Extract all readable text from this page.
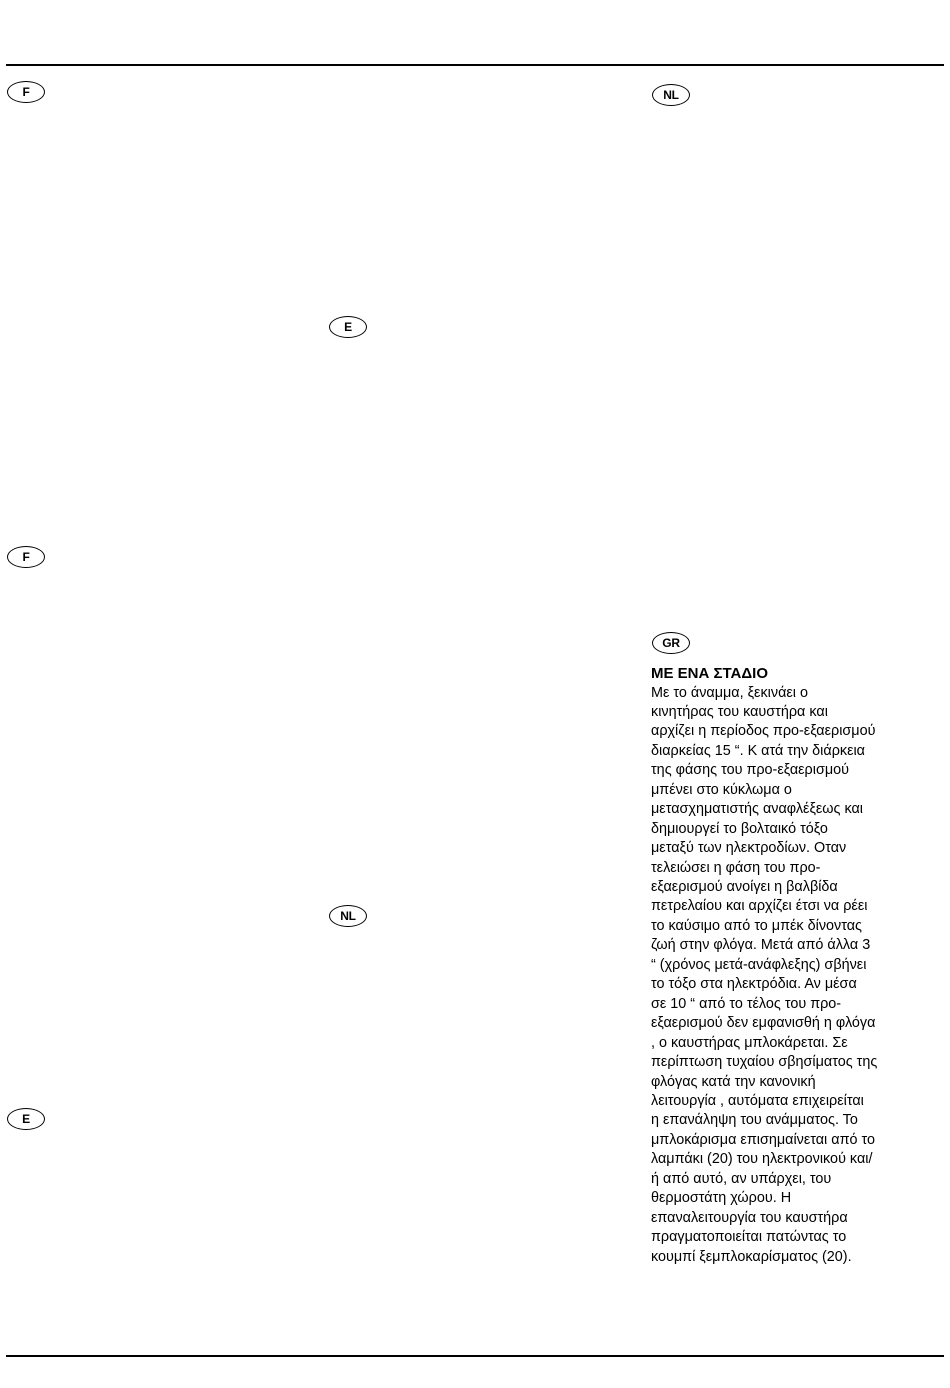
F	NL
E
F
GR
NL
E
ΜΕ ΕΝΑ ΣΤΑΔΙΟ
Με το άναμμα, ξεκινάει ο
κινητήρας του καυστήρα και
αρχίζει η περίοδος προ-εξαερισμού
διαρκείας 15 “. Κ ατά την διάρκεια
της φάσης του προ-εξαερισμού
μπένει στο κύκλωμα ο
μετασχηματιστής αναφλέξεως και
δημιουργεί το βολταικό τόξο
μεταξύ των ηλεκτροδίων. Οταν
τελειώσει η φάση του προ-
εξαερισμού ανοίγει η βαλβίδα
πετρελαίου και αρχίζει έτσι να ρέει
το καύσιμο από το μπέκ δίνοντας
ζωή στην φλόγα. Μετά από άλλα 3
“ (χρόνος μετά-ανάφλεξης) σβήνει
το τόξο στα ηλεκτρόδια. Αν μέσα
σε 10 “ από το τέλος του προ-
εξαερισμού δεν εμφανισθή η φλόγα
, ο καυστήρας μπλοκάρεται. Σε
περίπτωση τυχαίου σβησίματος της
φλόγας κατά την κανονική
λειτουργία , αυτόματα επιχειρείται
η επανάληψη του ανάμματος. Το
μπλοκάρισμα επισημαίνεται από το
λαμπάκι (20) του ηλεκτρονικού και/
ή από αυτό, αν υπάρχει, του
θερμοστάτη χώρου. Η
επαναλειτουργία του καυστήρα
πραγματοποιείται πατώντας το
κουμπί ξεμπλοκαρίσματος (20).
